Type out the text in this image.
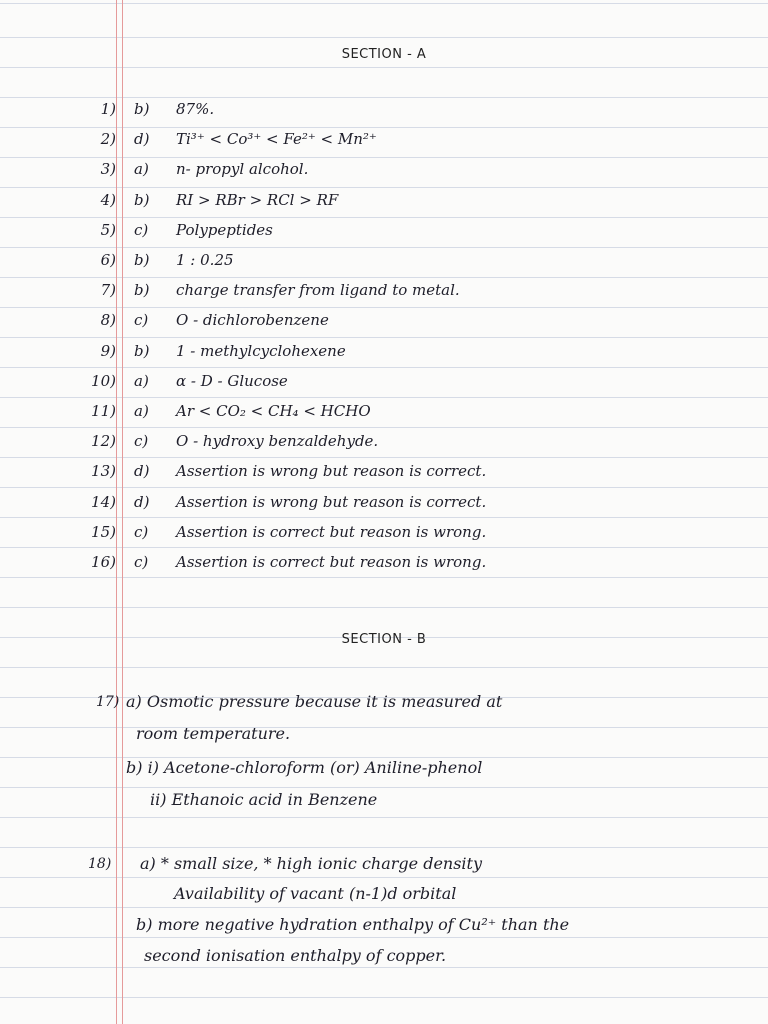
SECTION - A
1) b) 87%.
2) d) Ti³⁺ < Co³⁺ < Fe²⁺ < Mn²⁺
3) a) n- propyl alcohol.
4) b) RI > RBr > RCl > RF
5) c) Polypeptides
6) b) 1 : 0.25
7) b) charge transfer from ligand to metal.
8) c) O - dichlorobenzene
9) b) 1 - methylcyclohexene
10) a) α - D - Glucose
11) a) Ar < CO₂ < CH₄ < HCHO
12) c) O - hydroxy benzaldehyde.
13) d) Assertion is wrong but reason is correct.
14) d) Assertion is wrong but reason is correct.
15) c) Assertion is correct but reason is wrong.
16) c) Assertion is correct but reason is wrong.
SECTION - B
17) a) Osmotic pressure because it is measured at
room temperature.
b) i) Acetone-chloroform (or) Aniline-phenol
ii) Ethanoic acid in Benzene
18) a) * small size, * high ionic charge density
Availability of vacant (n-1)d orbital
b) more negative hydration enthalpy of Cu²⁺ than the
second ionisation enthalpy of copper.
